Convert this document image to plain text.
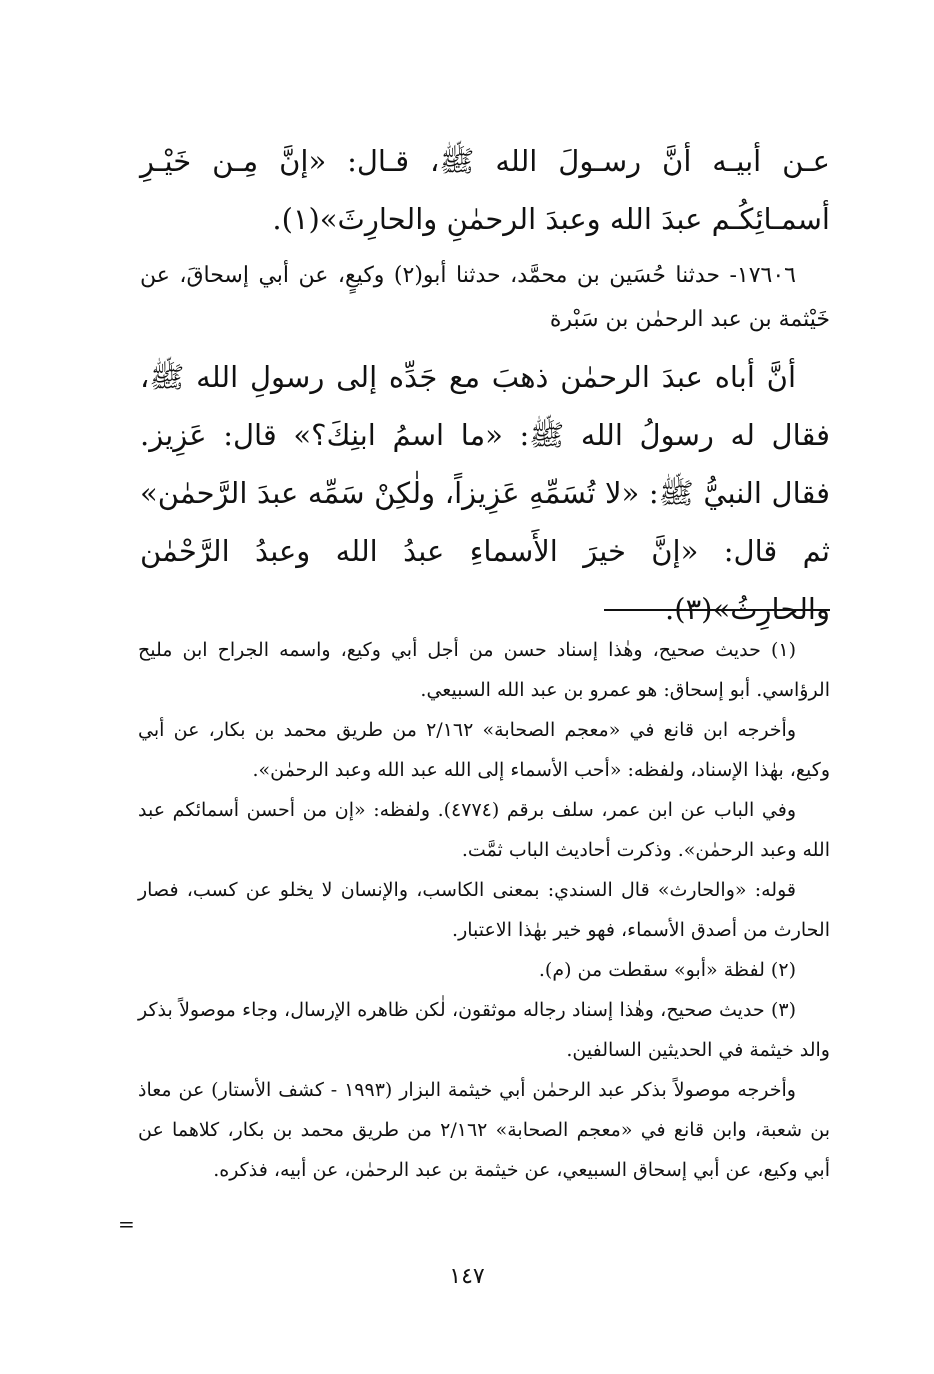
عـن أبيـه أنَّ رسـولَ الله ﷺ، قـال: «إنَّ مِـن خَيْـرِ أسمـائِكُـم عبدَ الله وعبدَ الرحمٰنِ والحارِثَ»(١).

١٧٦٠٦- حدثنا حُسَين بن محمَّد، حدثنا أبو(٢) وكيعٍ، عن أبي إسحاقَ، عن خَيْثمة بن عبد الرحمٰن بن سَبْرة

أنَّ أباه عبدَ الرحمٰن ذهبَ مع جَدِّه إلى رسولِ الله ﷺ، فقال له رسولُ الله ﷺ: «ما اسمُ ابنِكَ؟» قال: عَزِيز. فقال النبيُّ ﷺ: «لا تُسَمِّهِ عَزِيزاً، ولٰكِنْ سَمِّه عبدَ الرَّحمٰن» ثم قال: «إنَّ خيرَ الأَسماءِ عبدُ الله وعبدُ الرَّحْمٰن والحارِثُ»(٣).

(١) حديث صحيح، وهٰذا إسناد حسن من أجل أبي وكيع، واسمه الجراح ابن مليح الرؤاسي. أبو إسحاق: هو عمرو بن عبد الله السبيعي.

وأخرجه ابن قانع في «معجم الصحابة» ٢/١٦٢ من طريق محمد بن بكار، عن أبي وكيع، بهٰذا الإسناد، ولفظه: «أحب الأسماء إلى الله عبد الله وعبد الرحمٰن».

وفي الباب عن ابن عمر، سلف برقم (٤٧٧٤). ولفظه: «إن من أحسن أسمائكم عبد الله وعبد الرحمٰن». وذكرت أحاديث الباب ثمَّت.

قوله: «والحارث» قال السندي: بمعنى الكاسب، والإنسان لا يخلو عن كسب، فصار الحارث من أصدق الأسماء، فهو خير بهٰذا الاعتبار.

(٢) لفظة «أبو» سقطت من (م).

(٣) حديث صحيح، وهٰذا إسناد رجاله موثقون، لٰكن ظاهره الإرسال، وجاء موصولاً بذكر والد خيثمة في الحديثين السالفين.

وأخرجه موصولاً بذكر عبد الرحمٰن أبي خيثمة البزار (١٩٩٣ - كشف الأستار) عن معاذ بن شعبة، وابن قانع في «معجم الصحابة» ٢/١٦٢ من طريق محمد بن بكار، كلاهما عن أبي وكيع، عن أبي إسحاق السبيعي، عن خيثمة بن عبد الرحمٰن، عن أبيه، فذكره.

=
١٤٧
